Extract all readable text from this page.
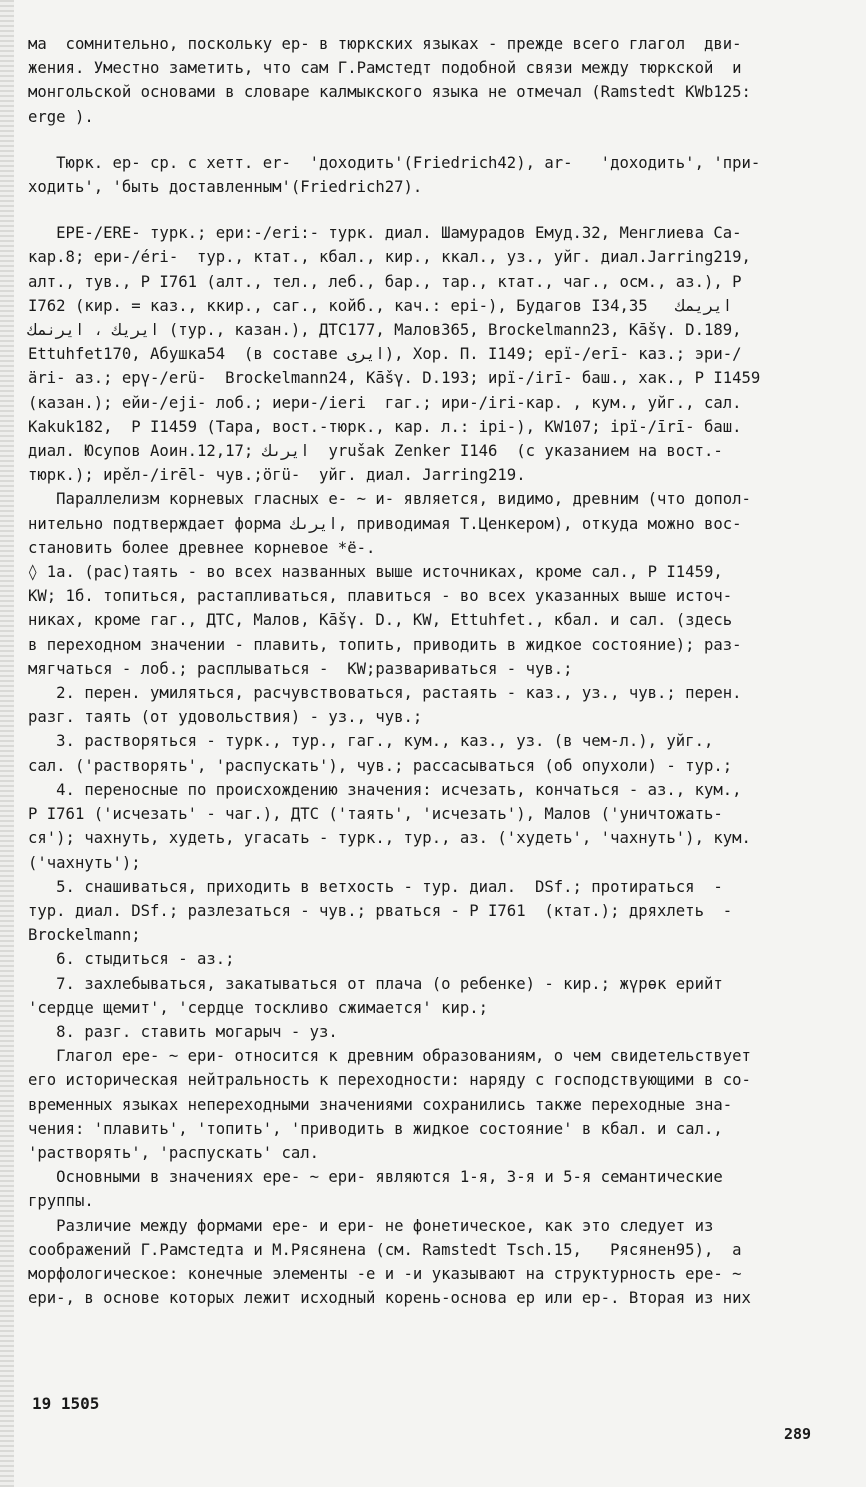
ма  сомнительно, поскольку ер- в тюркских языках - прежде всего глагол  дви-

жения. Уместно заметить, что сам Г.Рамстедт подобной связи между тюркской  и

монгольской основами в словаре калмыкского языка не отмечал (Ramstedt KWb125:

erge ).

Тюрк. ер- ср. с хетт. er-  'доходить'(Friedrich42), ar-   'доходить', 'при-

ходить', 'быть доставленным'(Friedrich27).

ЕРЕ-/ERE- турк.; ери:-/eri:- турк. диал. Шамурадов Емуд.32, Менглиева Са-

кар.8; ери-/éri-  тур., ктат., кбал., кир., ккал., уз., уйг. диал.Jarring219,

алт., тув., Р I761 (алт., тел., леб., бар., тар., ктат., чаг., осм., аз.), Р

I762 (кир. = каз., ккир., саг., койб., кач.: ері-), Будагов I34,35   ايريمك

ايريك ، ايرنمك (тур., казан.), ДТС177, Малов365, Brockelmann23, Kāšγ. D.189,

Ettuhfet170, Абушка54  (в составе ايرى), Хор. П. I149; ерї-/erī- каз.; эри-/

äri- аз.; ерү-/erü-  Brockelmann24, Kāšγ. D.193; ирї-/irī- баш., хак., Р I1459

(казан.); ейи-/eji- лоб.; иери-/ieri  гаг.; ири-/iri-кар. , кум., уйг., сал.

Kakuk182,  Р I1459 (Тара, вост.-тюрк., кар. л.: ipi-), KW107; ірї-/īrī- баш.

диал. Юсупов Аоин.12,17; ايرىك  уrušak Zenker I146  (с указанием на вост.-

тюрк.); ирӗл-/irēl- чув.;öгü-  уйг. диал. Jarring219.

Параллелизм корневых гласных е- ~ и- является, видимо, древним (что допол-

нительно подтверждает форма ايرىك, приводимая Т.Ценкером), откуда можно вос-

становить более древнее корневое *ё-.

◊ 1а. (рас)таять - во всех названных выше источниках, кроме сал., Р I1459,

KW; 1б. топиться, растапливаться, плавиться - во всех указанных выше источ-

никах, кроме гаг., ДТС, Малов, Kāšγ. D., KW, Ettuhfet., кбал. и сал. (здесь

в переходном значении - плавить, топить, приводить в жидкое состояние); раз-

мягчаться - лоб.; расплываться -  KW;развариваться - чув.;

2. перен. умиляться, расчувствоваться, растаять - каз., уз., чув.; перен.

разг. таять (от удовольствия) - уз., чув.;

3. растворяться - турк., тур., гаг., кум., каз., уз. (в чем-л.), уйг.,

сал. ('растворять', 'распускать'), чув.; рассасываться (об опухоли) - тур.;

4. переносные по происхождению значения: исчезать, кончаться - аз., кум.,

Р I761 ('исчезать' - чаг.), ДТС ('таять', 'исчезать'), Малов ('уничтожать-

ся'); чахнуть, худеть, угасать - турк., тур., аз. ('худеть', 'чахнуть'), кум.

('чахнуть');

5. снашиваться, приходить в ветхость - тур. диал.  DSf.; протираться  -

тур. диал. DSf.; разлезаться - чув.; рваться - Р I761  (ктат.); дряхлеть  -

Brockelmann;

6. стыдиться - аз.;

7. захлебываться, закатываться от плача (о ребенке) - кир.; жүрөк ерийт

'сердце щемит', 'сердце тоскливо сжимается' кир.;

8. разг. ставить могарыч - уз.

Глагол ере- ~ ери- относится к древним образованиям, о чем свидетельствует

его историческая нейтральность к переходности: наряду с господствующими в со-

временных языках непереходными значениями сохранились также переходные зна-

чения: 'плавить', 'топить', 'приводить в жидкое состояние' в кбал. и сал.,

'растворять', 'распускать' сал.

Основными в значениях ере- ~ ери- являются 1-я, 3-я и 5-я семантические

группы.

Различие между формами ере- и ери- не фонетическое, как это следует из

соображений Г.Рамстедта и М.Рясянена (см. Ramstedt Tsch.15,   Рясянен95),  а

морфологическое: конечные элементы -е и -и указывают на структурность ере- ~

ери-, в основе которых лежит исходный корень-основа ер или ер-. Вторая из них

19 1505
289
